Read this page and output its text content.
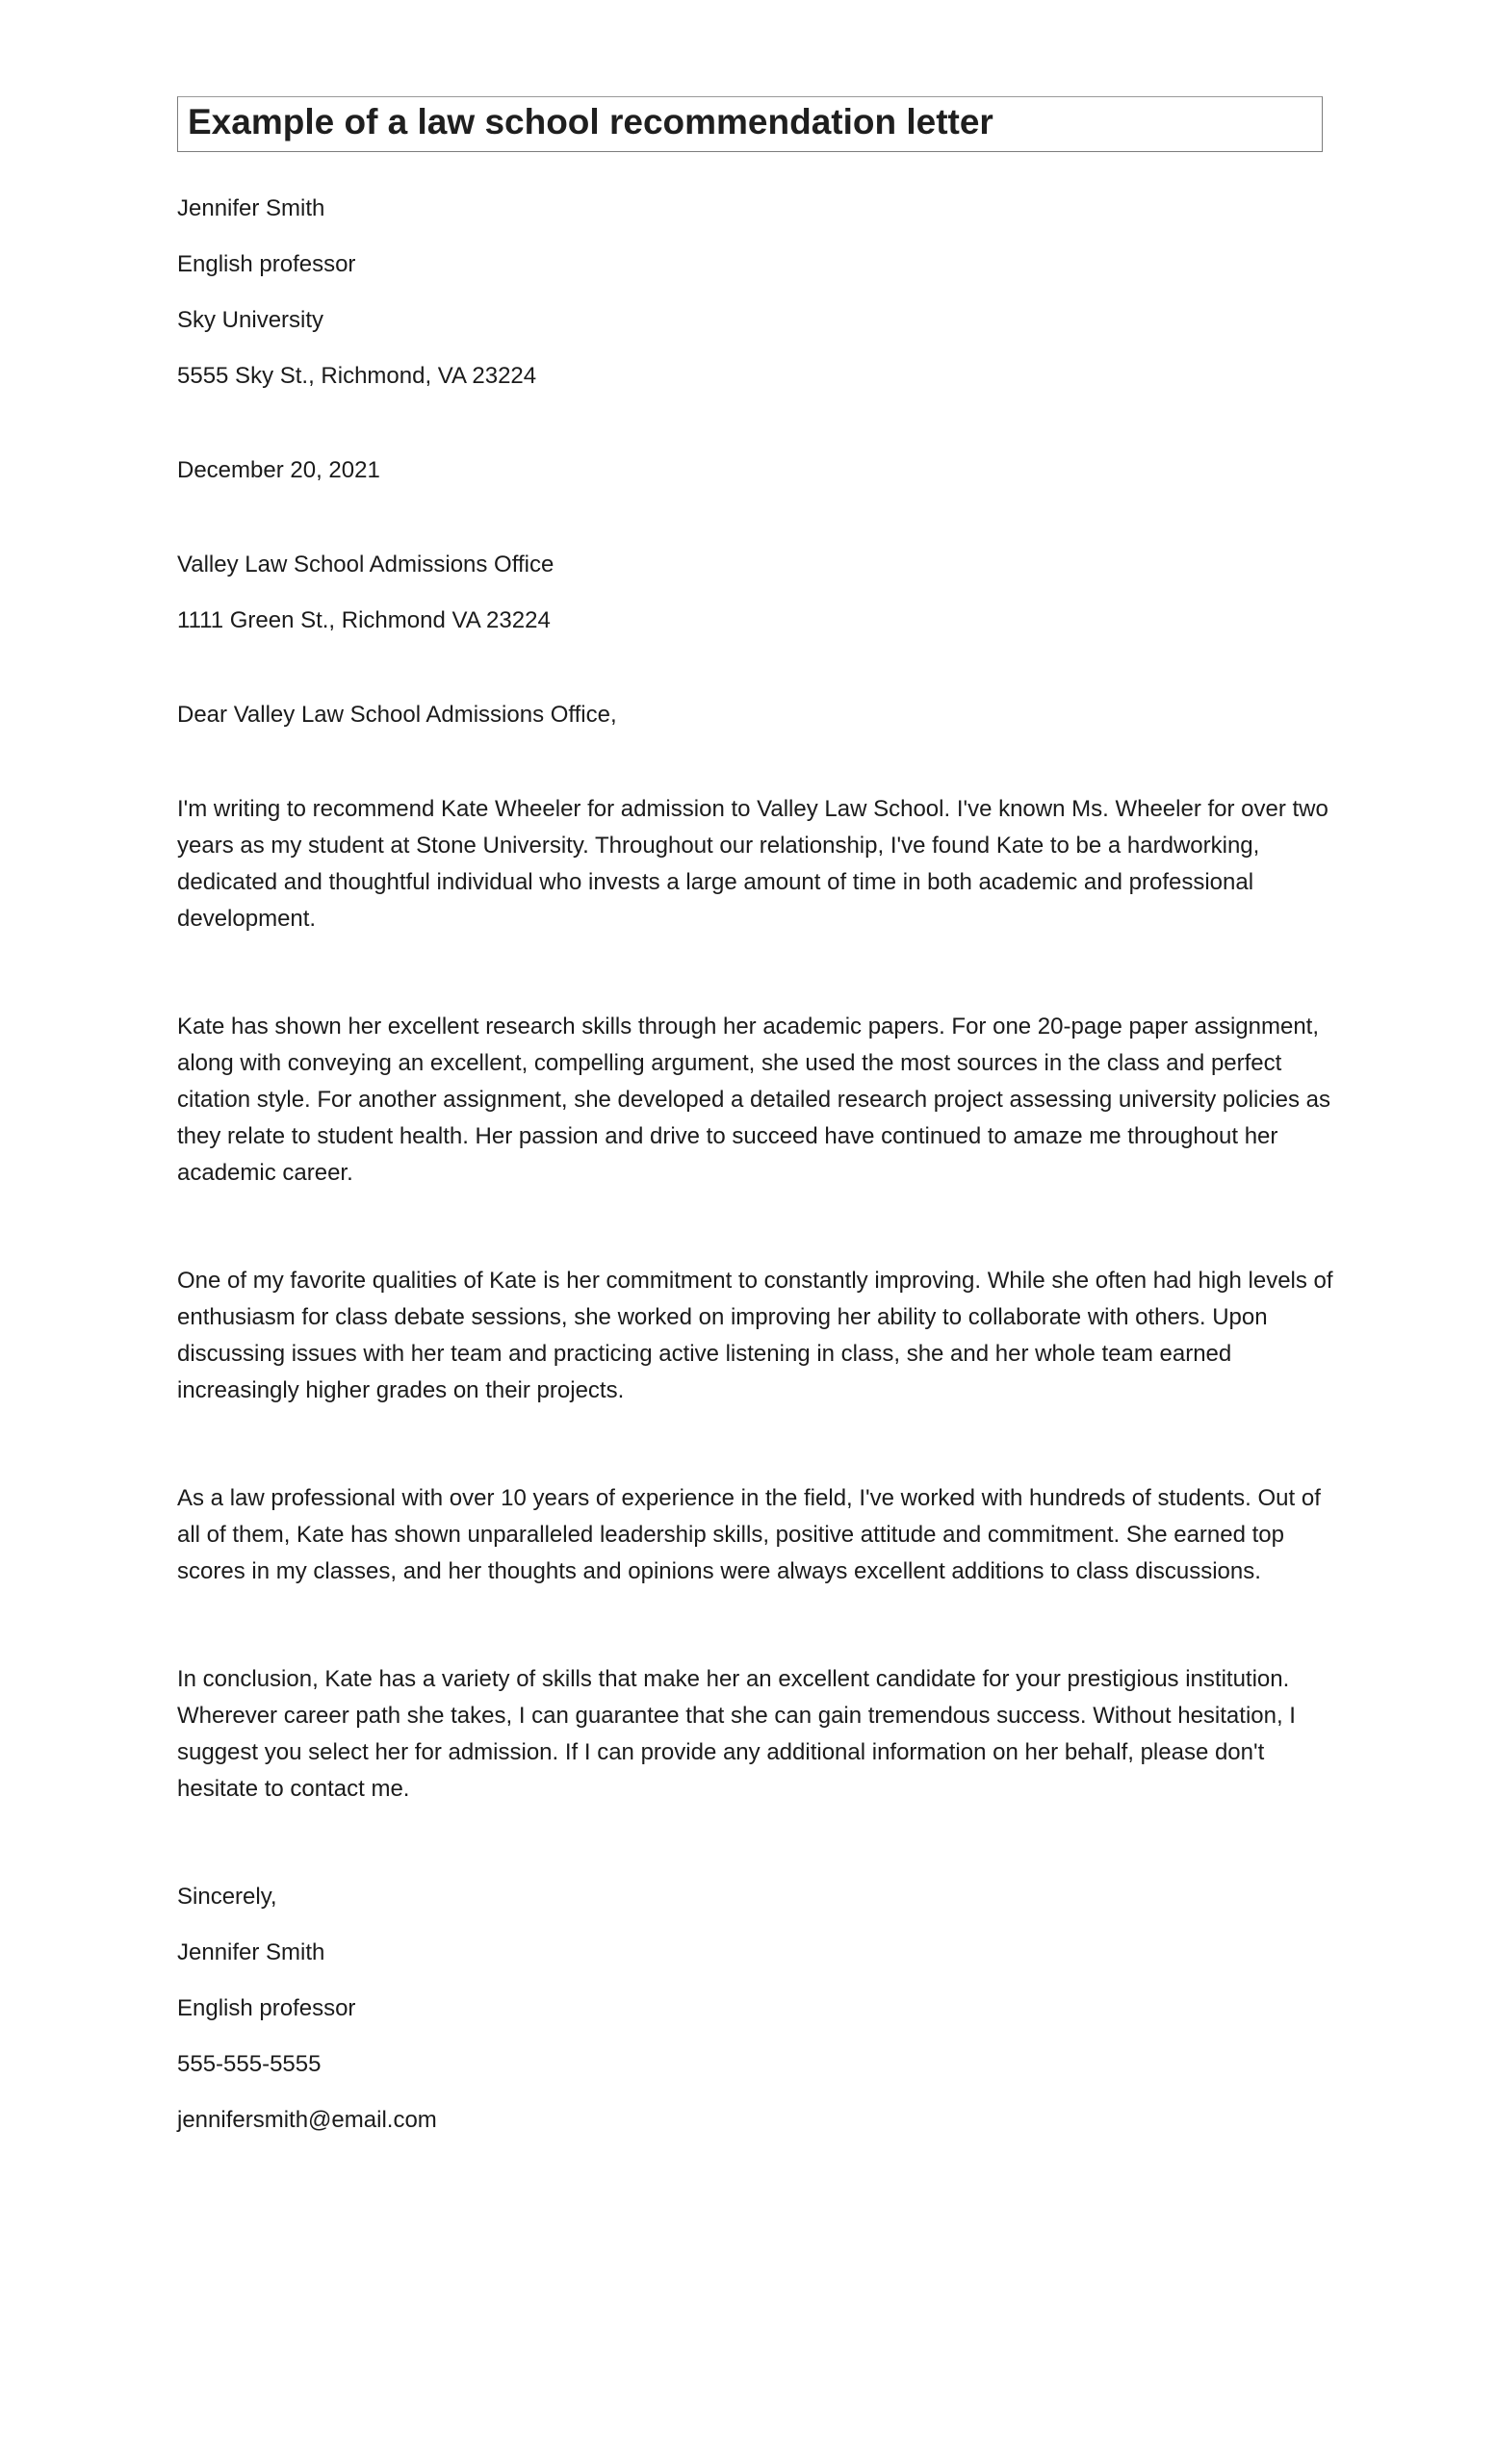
Example of a law school recommendation letter

Jennifer Smith

English professor

Sky University

5555 Sky St., Richmond, VA 23224

December 20, 2021

Valley Law School Admissions Office

1111 Green St., Richmond VA 23224

Dear Valley Law School Admissions Office,

I'm writing to recommend Kate Wheeler for admission to Valley Law School. I've known Ms. Wheeler for over two years as my student at Stone University. Throughout our relationship, I've found Kate to be a hardworking, dedicated and thoughtful individual who invests a large amount of time in both academic and professional development.

Kate has shown her excellent research skills through her academic papers. For one 20-page paper assignment, along with conveying an excellent, compelling argument, she used the most sources in the class and perfect citation style. For another assignment, she developed a detailed research project assessing university policies as they relate to student health. Her passion and drive to succeed have continued to amaze me throughout her academic career.

One of my favorite qualities of Kate is her commitment to constantly improving. While she often had high levels of enthusiasm for class debate sessions, she worked on improving her ability to collaborate with others. Upon discussing issues with her team and practicing active listening in class, she and her whole team earned increasingly higher grades on their projects.

As a law professional with over 10 years of experience in the field, I've worked with hundreds of students. Out of all of them, Kate has shown unparalleled leadership skills, positive attitude and commitment. She earned top scores in my classes, and her thoughts and opinions were always excellent additions to class discussions.

In conclusion, Kate has a variety of skills that make her an excellent candidate for your prestigious institution. Wherever career path she takes, I can guarantee that she can gain tremendous success. Without hesitation, I suggest you select her for admission. If I can provide any additional information on her behalf, please don't hesitate to contact me.

Sincerely,

Jennifer Smith

English professor

555-555-5555

jennifersmith@email.com
